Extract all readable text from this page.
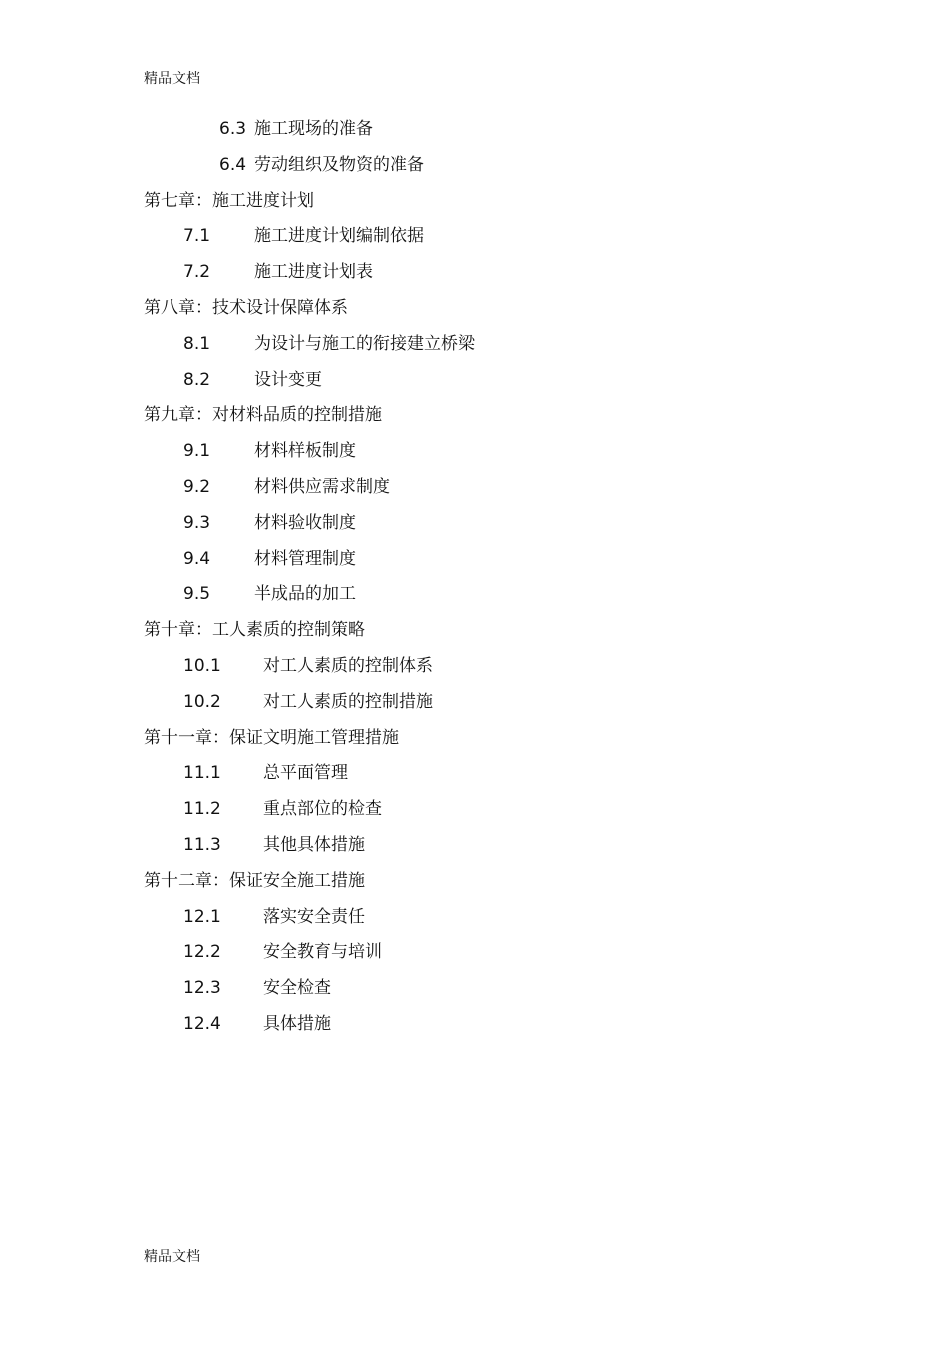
精品文档
6.3 施工现场的准备
6.4 劳动组织及物资的准备
第七章：施工进度计划
7.1	施工进度计划编制依据
7.2	施工进度计划表
第八章：技术设计保障体系
8.1	为设计与施工的衔接建立桥梁
8.2	设计变更
第九章：对材料品质的控制措施
9.1	材料样板制度
9.2	材料供应需求制度
9.3	材料验收制度
9.4	材料管理制度
9.5	半成品的加工
第十章：工人素质的控制策略
10.1 对工人素质的控制体系
10.2 对工人素质的控制措施
第十一章：保证文明施工管理措施
11.1 总平面管理
11.2 重点部位的检查
11.3 其他具体措施
第十二章：保证安全施工措施
12.1 落实安全责任
12.2 安全教育与培训
12.3 安全检查
12.4 具体措施
精品文档
